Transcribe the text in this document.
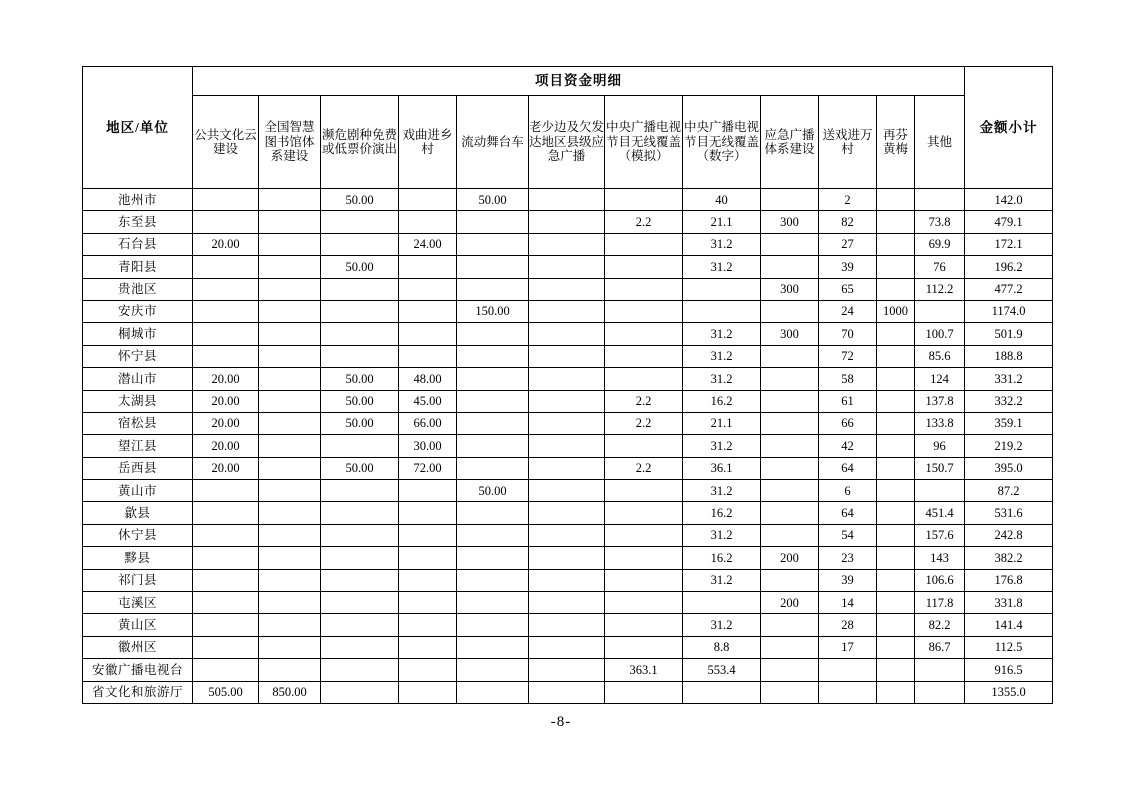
地区/单位	项目资金明细												金额小计
	公共文化云建设	全国智慧图书馆体系建设	濒危剧种免费或低票价演出	戏曲进乡村	流动舞台车	老少边及欠发达地区县级应急广播	中央广播电视节目无线覆盖（模拟）	中央广播电视节目无线覆盖（数字）	应急广播体系建设	送戏进万村	再芬黄梅	其他	
池州市			50.00		50.00			40		2			142.0
东至县							2.2	21.1	300	82		73.8	479.1
石台县	20.00			24.00				31.2		27		69.9	172.1
青阳县			50.00					31.2		39		76	196.2
贵池区									300	65		112.2	477.2
安庆市					150.00					24	1000		1174.0
桐城市								31.2	300	70		100.7	501.9
怀宁县								31.2		72		85.6	188.8
潜山市	20.00		50.00	48.00				31.2		58		124	331.2
太湖县	20.00		50.00	45.00			2.2	16.2		61		137.8	332.2
宿松县	20.00		50.00	66.00			2.2	21.1		66		133.8	359.1
望江县	20.00			30.00				31.2		42		96	219.2
岳西县	20.00		50.00	72.00			2.2	36.1		64		150.7	395.0
黄山市					50.00			31.2		6			87.2
歙县								16.2		64		451.4	531.6
休宁县								31.2		54		157.6	242.8
黟县								16.2	200	23		143	382.2
祁门县								31.2		39		106.6	176.8
屯溪区									200	14		117.8	331.8
黄山区								31.2		28		82.2	141.4
徽州区								8.8		17		86.7	112.5
安徽广播电视台							363.1	553.4					916.5
省文化和旅游厅	505.00	850.00											1355.0
-8-
